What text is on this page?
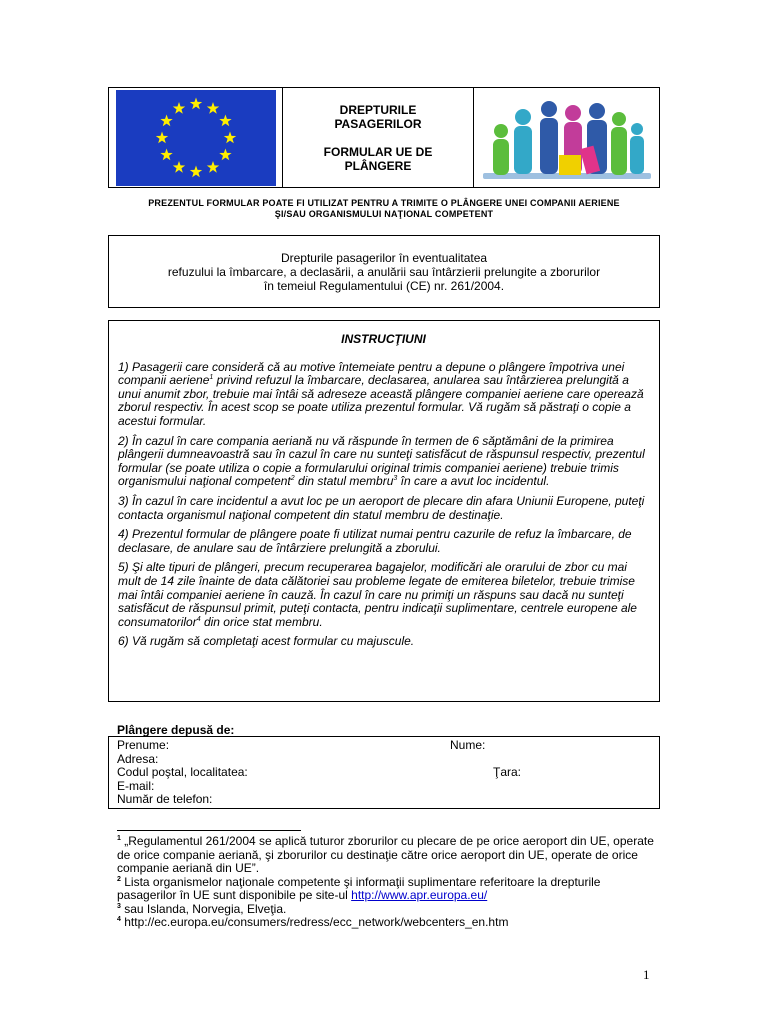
DREPTURILE
PASAGERILOR
FORMULAR UE DE
PLÂNGERE
PREZENTUL FORMULAR POATE FI UTILIZAT PENTRU A TRIMITE O PLÂNGERE UNEI COMPANII AERIENE
ŞI/SAU ORGANISMULUI NAŢIONAL COMPETENT
Drepturile pasagerilor în eventualitatea
refuzului la îmbarcare, a declasării, a anulării sau întârzierii prelungite a zborurilor
în temeiul Regulamentului (CE) nr. 261/2004.

INSTRUCŢIUNI

1) Pasagerii care consideră că au motive întemeiate pentru a depune o plângere împotriva unei companii aeriene$^1$ privind refuzul la îmbarcare, declasarea, anularea sau întârzierea prelungită a unui anumit zbor, trebuie mai întâi să adreseze această plângere companiei aeriene care operează zborul respectiv. În acest scop se poate utiliza prezentul formular. Vă rugăm să păstraţi o copie a acestui formular.

2) În cazul în care compania aeriană nu vă răspunde în termen de 6 săptămâni de la primirea plângerii dumneavoastră sau în cazul în care nu sunteţi satisfăcut de răspunsul respectiv, prezentul formular (se poate utiliza o copie a formularului original trimis companiei aeriene) trebuie trimis organismului naţional competent$^2$ din statul membru$^3$ în care a avut loc incidentul.

3) În cazul în care incidentul a avut loc pe un aeroport de plecare din afara Uniunii Europene, puteţi contacta organismul naţional competent din statul membru de destinaţie.

4) Prezentul formular de plângere poate fi utilizat numai pentru cazurile de refuz la îmbarcare, de declasare, de anulare sau de întârziere prelungită a zborului.

5) Şi alte tipuri de plângeri, precum recuperarea bagajelor, modificări ale orarului de zbor cu mai mult de 14 zile înainte de data călătoriei sau probleme legate de emiterea biletelor, trebuie trimise mai întâi companiei aeriene în cauză. În cazul în care nu primiţi un răspuns sau dacă nu sunteţi satisfăcut de răspunsul primit, puteţi contacta, pentru indicaţii suplimentare, centrele europene ale consumatorilor$^4$ din orice stat membru.

6) Vă rugăm să completaţi acest formular cu majuscule.

Plângere depusă de:
Prenume:	Nume:
Adresa:
Codul poştal, localitatea:	Ţara:
E-mail:
Număr de telefon:

$^1$ „Regulamentul 261/2004 se aplică tuturor zborurilor cu plecare de pe orice aeroport din UE, operate de orice companie aeriană, şi zborurilor cu destinaţie către orice aeroport din UE, operate de orice companie aeriană din UE”.

$^2$ Lista organismelor naţionale competente şi informaţii suplimentare referitoare la drepturile pasagerilor în UE sunt disponibile pe site-ul http://www.apr.europa.eu/

$^3$ sau Islanda, Norvegia, Elveţia.

$^4$ http://ec.europa.eu/consumers/redress/ecc_network/webcenters_en.htm

1
